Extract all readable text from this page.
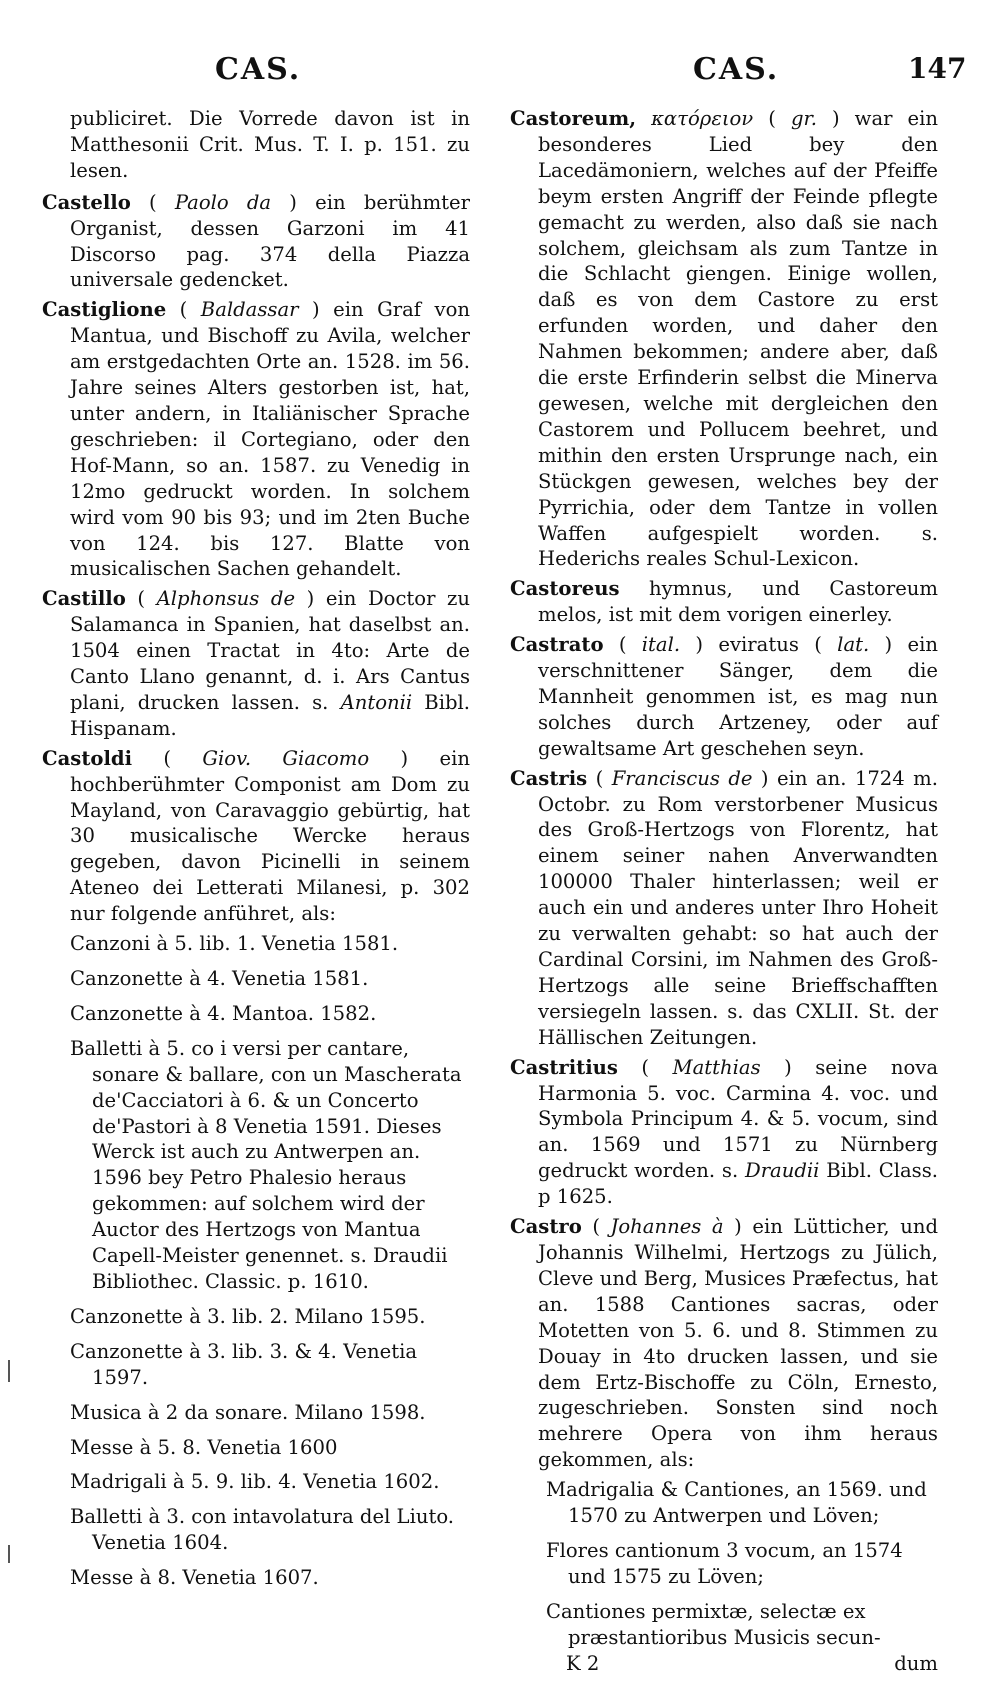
CAS.	CAS.	147

publiciret. Die Vorrede davon ist in Matthesonii Crit. Mus. T. I. p. 151. zu lesen.

Castello ( Paolo da ) ein berühmter Organist, dessen Garzoni im 41 Discorso pag. 374 della Piazza universale gedencket.

Castiglione ( Baldassar ) ein Graf von Mantua, und Bischoff zu Avila, welcher am erstgedachten Orte an. 1528. im 56. Jahre seines Alters gestorben ist, hat, unter andern, in Italiänischer Sprache geschrieben: il Cortegiano, oder den Hof-Mann, so an. 1587. zu Venedig in 12mo gedruckt worden. In solchem wird vom 90 bis 93; und im 2ten Buche von 124. bis 127. Blatte von musicalischen Sachen gehandelt.

Castillo ( Alphonsus de ) ein Doctor zu Salamanca in Spanien, hat daselbst an. 1504 einen Tractat in 4to: Arte de Canto Llano genannt, d. i. Ars Cantus plani, drucken lassen. s. Antonii Bibl. Hispanam.

Castoldi ( Giov. Giacomo ) ein hochberühmter Componist am Dom zu Mayland, von Caravaggio gebürtig, hat 30 musicalische Wercke heraus gegeben, davon Picinelli in seinem Ateneo dei Letterati Milanesi, p. 302 nur folgende anführet, als:

Canzoni à 5. lib. 1. Venetia 1581.
Canzonette à 4. Venetia 1581.
Canzonette à 4. Mantoa. 1582.
Balletti à 5. co i versi per cantare, sonare & ballare, con un Mascherata de'Cacciatori à 6. & un Concerto de'Pastori à 8 Venetia 1591. Dieses Werck ist auch zu Antwerpen an. 1596 bey Petro Phalesio heraus gekommen: auf solchem wird der Auctor des Hertzogs von Mantua Capell-Meister genennet. s. Draudii Bibliothec. Classic. p. 1610.
Canzonette à 3. lib. 2. Milano 1595.
Canzonette à 3. lib. 3. & 4. Venetia 1597.
Musica à 2 da sonare. Milano 1598.
Messe à 5. 8. Venetia 1600
Madrigali à 5. 9. lib. 4. Venetia 1602.
Balletti à 3. con intavolatura del Liuto. Venetia 1604.
Messe à 8. Venetia 1607.

Castoreum, κατόρειον ( gr. ) war ein besonderes Lied bey den Lacedämoniern, welches auf der Pfeiffe beym ersten Angriff der Feinde pflegte gemacht zu werden, also daß sie nach solchem, gleichsam als zum Tantze in die Schlacht giengen. Einige wollen, daß es von dem Castore zu erst erfunden worden, und daher den Nahmen bekommen; andere aber, daß die erste Erfinderin selbst die Minerva gewesen, welche mit dergleichen den Castorem und Pollucem beehret, und mithin den ersten Ursprunge nach, ein Stückgen gewesen, welches bey der Pyrrichia, oder dem Tantze in vollen Waffen aufgespielt worden. s. Hederichs reales Schul-Lexicon.

Castoreus hymnus, und Castoreum melos, ist mit dem vorigen einerley.

Castrato ( ital. ) eviratus ( lat. ) ein verschnittener Sänger, dem die Mannheit genommen ist, es mag nun solches durch Artzeney, oder auf gewaltsame Art geschehen seyn.

Castris ( Franciscus de ) ein an. 1724 m. Octobr. zu Rom verstorbener Musicus des Groß-Hertzogs von Florentz, hat einem seiner nahen Anverwandten 100000 Thaler hinterlassen; weil er auch ein und anderes unter Ihro Hoheit zu verwalten gehabt: so hat auch der Cardinal Corsini, im Nahmen des Groß-Hertzogs alle seine Brieffschafften versiegeln lassen. s. das CXLII. St. der Hällischen Zeitungen.

Castritius ( Matthias ) seine nova Harmonia 5. voc. Carmina 4. voc. und Symbola Principum 4. & 5. vocum, sind an. 1569 und 1571 zu Nürnberg gedruckt worden. s. Draudii Bibl. Class. p 1625.

Castro ( Johannes à ) ein Lütticher, und Johannis Wilhelmi, Hertzogs zu Jülich, Cleve und Berg, Musices Præfectus, hat an. 1588 Cantiones sacras, oder Motetten von 5. 6. und 8. Stimmen zu Douay in 4to drucken lassen, und sie dem Ertz-Bischoffe zu Cöln, Ernesto, zugeschrieben. Sonsten sind noch mehrere Opera von ihm heraus gekommen, als:

Madrigalia & Cantiones, an 1569. und 1570 zu Antwerpen und Löven;
Flores cantionum 3 vocum, an 1574 und 1575 zu Löven;
Cantiones permixtæ, selectæ ex præstantioribus Musicis secun-
K 2	dum
